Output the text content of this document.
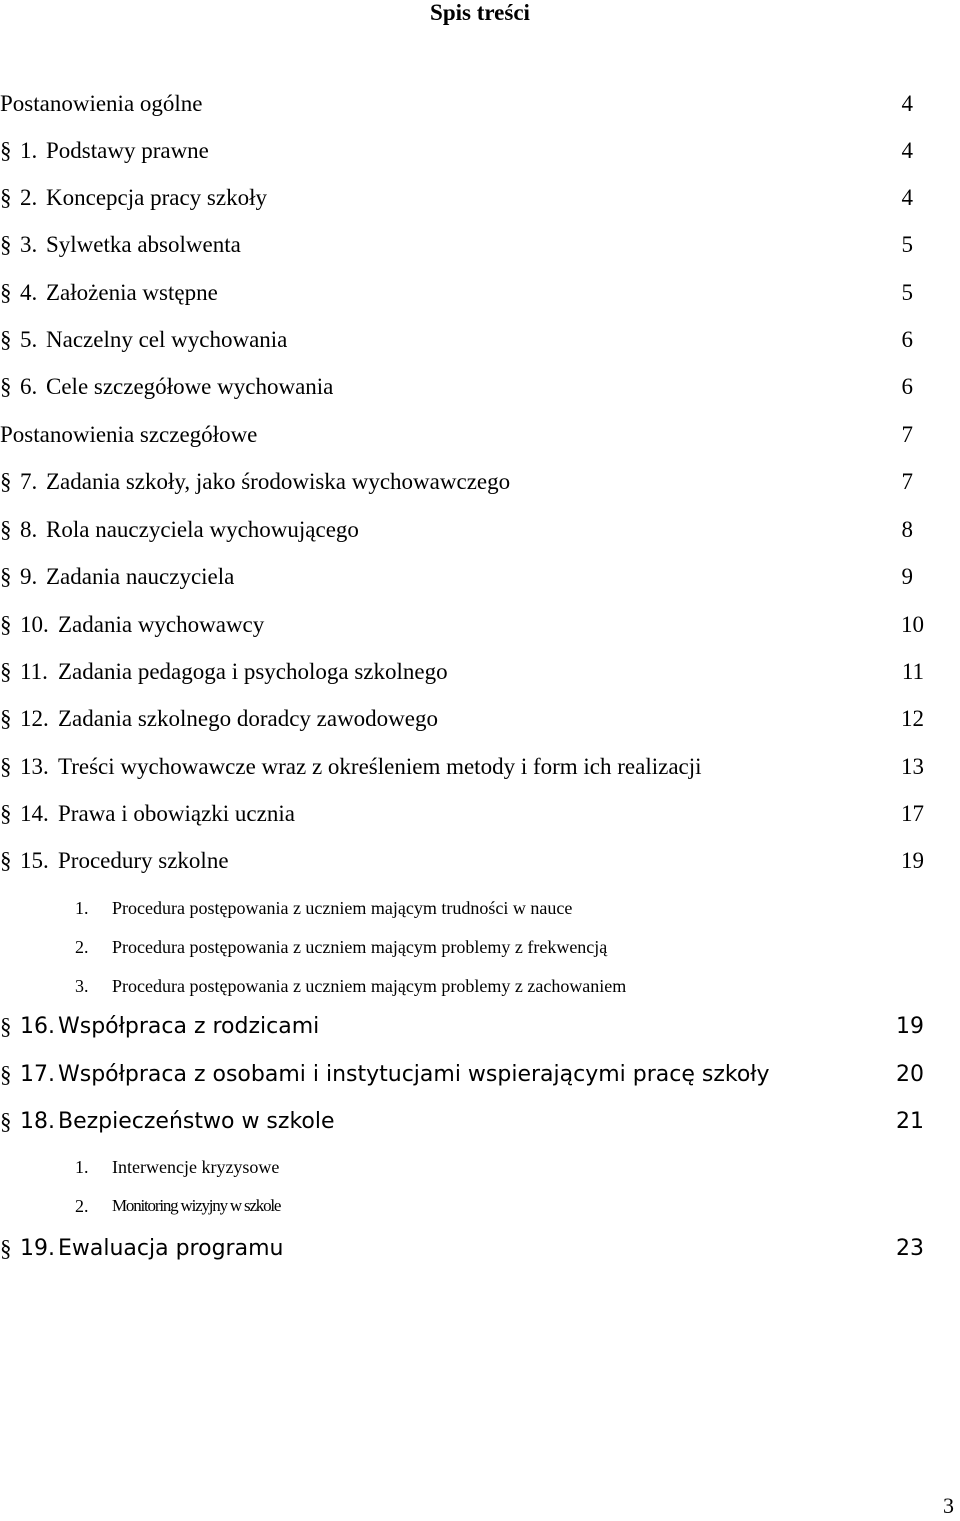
Spis treści
Postanowienia ogólne	4
§ 1. Podstawy prawne	4
§ 2. Koncepcja pracy szkoły	4
§ 3. Sylwetka absolwenta	5
§ 4. Założenia wstępne	5
§ 5. Naczelny cel wychowania	6
§ 6. Cele szczegółowe wychowania	6
Postanowienia szczegółowe	7
§ 7. Zadania szkoły, jako środowiska wychowawczego	7
§ 8. Rola nauczyciela wychowującego	8
§ 9. Zadania nauczyciela	9
§ 10. Zadania wychowawcy	10
§ 11. Zadania pedagoga i psychologa szkolnego	11
§ 12. Zadania szkolnego doradcy zawodowego	12
§ 13. Treści wychowawcze wraz z określeniem metody i form ich realizacji	13
§ 14. Prawa i obowiązki ucznia	17
§ 15. Procedury szkolne	19
1. Procedura postępowania z uczniem mającym trudności w nauce
2. Procedura postępowania z uczniem mającym problemy z frekwencją
3. Procedura postępowania z uczniem mającym problemy z zachowaniem
§ 16. Współpraca z rodzicami	19
§ 17. Współpraca z osobami i instytucjami wspierającymi pracę szkoły	20
§ 18. Bezpieczeństwo w szkole	21
1. Interwencje kryzysowe
2. Monitoring wizyjny w szkole
§ 19. Ewaluacja programu	23
3
